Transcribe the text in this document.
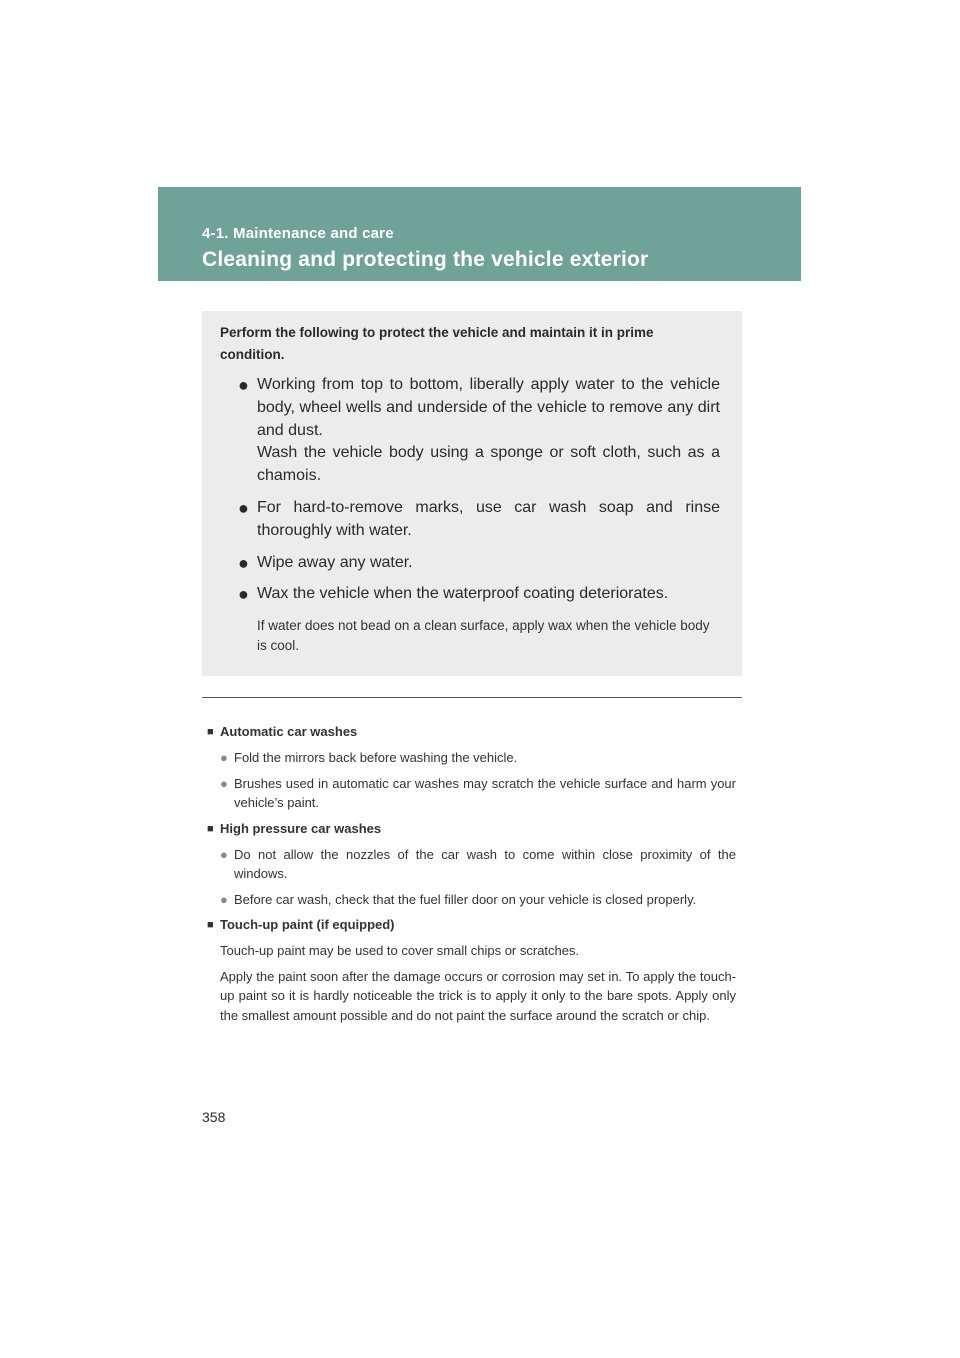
4-1. Maintenance and care
Cleaning and protecting the vehicle exterior
Perform the following to protect the vehicle and maintain it in prime condition.
● Working from top to bottom, liberally apply water to the vehicle body, wheel wells and underside of the vehicle to remove any dirt and dust.
Wash the vehicle body using a sponge or soft cloth, such as a chamois.
● For hard-to-remove marks, use car wash soap and rinse thoroughly with water.
● Wipe away any water.
● Wax the vehicle when the waterproof coating deteriorates.
If water does not bead on a clean surface, apply wax when the vehicle body is cool.
■ Automatic car washes
● Fold the mirrors back before washing the vehicle.
● Brushes used in automatic car washes may scratch the vehicle surface and harm your vehicle’s paint.
■ High pressure car washes
● Do not allow the nozzles of the car wash to come within close proximity of the windows.
● Before car wash, check that the fuel filler door on your vehicle is closed properly.
■ Touch-up paint (if equipped)
Touch-up paint may be used to cover small chips or scratches.
Apply the paint soon after the damage occurs or corrosion may set in. To apply the touch-up paint so it is hardly noticeable the trick is to apply it only to the bare spots. Apply only the smallest amount possible and do not paint the surface around the scratch or chip.
358
